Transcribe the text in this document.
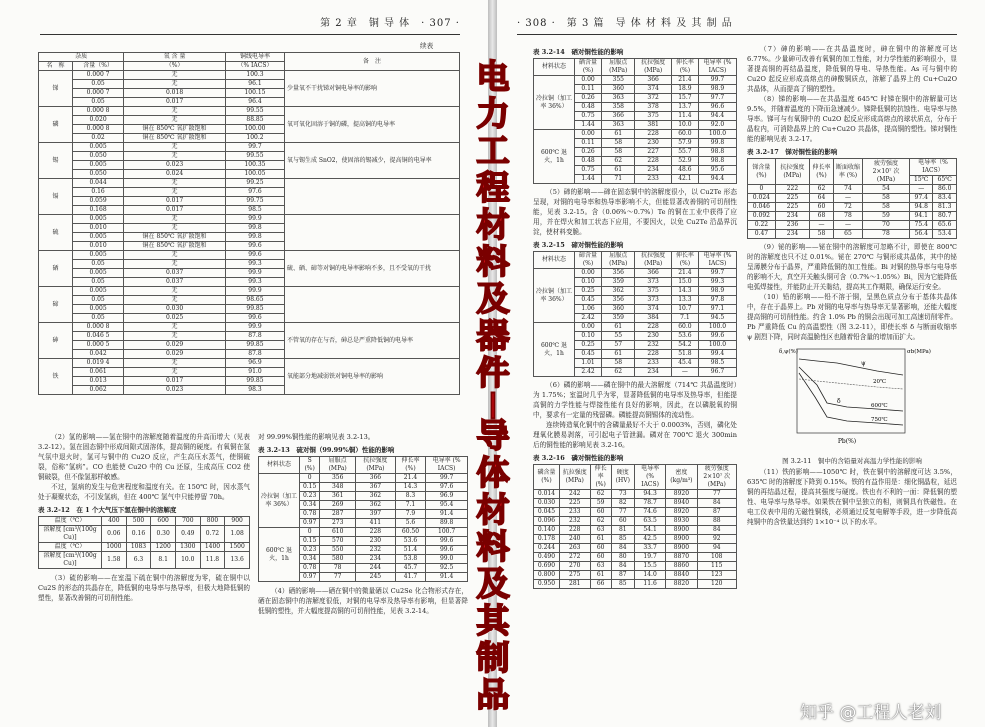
第 2 章　铜 导 体　· 307 ·
续表
杂质		氧 含 量	铜线电导率	备　注
名　称	含量（%）	（%）	（% IACS）	
锑	0.000 7	无	100.3	少量氧不干扰锑对铜电导率的影响
	0.05	无	96.1	
	0.000 7	0.018	100.15	
	0.05	0.017	96.4	
磷	0.000 8	无	99.55	氧可氧化固溶于铜的磷，提高铜的电导率
	0.020	无	88.85	
	0.000 8	铜在 850℃ 氧扩散饱和	100.00	
	0.02	铜在 850℃ 氧扩散饱和	100.2	
锡	0.005	无	99.7	氧与锡生成 SnO2，使固溶的锡减少，提高铜的电导率
	0.050	无	99.55	
	0.005	0.023	100.35	
	0.050	0.024	100.05	
镉	0.044	无	99.25	
	0.16	无	97.6	
	0.059	0.017	99.75	
	0.168	0.017	98.5	
硫	0.005	无	99.9	
	0.010	无	99.8	
	0.005	铜在 850℃ 氧扩散饱和	99.8	
	0.010	铜在 850℃ 氧扩散饱和	99.6	
硒	0.005	无	99.6	硫、硒、碲等对铜的电导率影响不多，且不受氧的干扰
	0.05	无	99.3	
	0.005	0.037	99.9	
	0.05	0.037	99.3	
碲	0.005	无	99.9	
	0.05	无	98.65	
	0.005	0.030	99.85	
	0.05	0.025	99.6	
砷	0.000 8	无	99.9	不管氧的存在与否，砷总是严重降低铜的电导率
	0.046 5	无	87.8	
	0.000 5	0.029	99.85	
	0.042	0.029	87.8	
铁	0.019 4	无	96.9	氧能部分地减弱铁对铜电导率的影响
	0.061	无	91.0	
	0.013	0.017	99.85	
	0.062	0.023	98.3	

（2）氢的影响——氢在铜中的溶解度随着温度的升高而增大（见表 3.2-12）。氢在固态铜中形成间隙式固溶体，提高铜的硬度。有氧铜在氢气氛中退火时，氢可与铜中的 Cu2O 反应，产生高压水蒸气，使铜破裂，俗称“氢病”。CO 也能使 Cu2O 中的 Cu 还原，生成高压 CO2 使铜破裂，但不像氢那样敏感。

不过，氢病的发生与危害程度和温度有关。在 150℃ 时，因水蒸气处于凝聚状态，不引发氢病，但在 400℃ 氢气中只能停留 70h。

表 3.2-12　在 1 个大气压下氢在铜中的溶解度
温度（℃）	400	500	600	700	800	900
溶解度 [cm³/(100g Cu)]	0.06	0.16	0.30	0.49	0.72	1.08
温度（℃）	1000	1083	1200	1300	1400	1500
溶解度 [cm³/(100g Cu)]	1.58	6.3	8.1	10.0	11.8	13.6

（3）硫的影响——在室温下硫在铜中的溶解度为零，硫在铜中以 Cu2S 的形态的共晶存在，降低铜的电导率与热导率，但极大地降低铜的塑性，显著改善铜的可切削性能。

对 99.99%铜性能的影响见表 3.2-13。

表 3.2-13　硫对铜（99.99%铜）性能的影响
材料状态	S (%)	屈服点 (MPa)	抗拉强度 (MPa)	伸长率 (%)	电导率 (% IACS)
冷拉铜（加工率 36%）	0	356	366	21.4	99.7
	0.15	348	367	14.3	97.6
	0.23	361	362	8.3	96.9
	0.34	269	362	7.1	95.4
	0.78	287	397	7.9	91.4
	0.97	273	411	5.6	89.8
600℃ 退火，1h	0	610	228	60.50	100.7
	0.15	570	230	53.6	99.6
	0.23	550	232	51.4	99.6
	0.34	580	234	53.8	99.0
	0.78	78	244	45.7	92.5
	0.97	77	245	41.7	91.4

（4）硒的影响——硒在铜中的微量硒以 Cu2Se 化合物形式存在，硒在固态铜中的溶解度很低，对铜的电导率及热导率有影响，但显著降低铜的塑性，并大幅度提高铜的可切削性能，见表 3.2-14。

· 308 ·　第 3 篇　导 体 材 料 及 其 制 品
表 3.2-14　硒对铜性能的影响
材料状态	硒含量 (%)	屈服点 (MPa)	抗拉强度 (MPa)	伸长率 (%)	电导率 (% IACS)
冷拉铜（加工率 36%）	0.00	355	366	21.4	99.7
	0.11	360	374	18.9	98.9
	0.26	363	372	15.7	97.7
	0.48	358	378	13.7	96.6
	0.75	366	375	11.4	94.4
	1.44	363	381	10.0	92.0
600℃ 退火，1h	0.00	61	228	60.0	100.0
	0.11	58	230	57.9	99.8
	0.26	58	227	55.7	98.8
	0.48	62	228	52.9	98.8
	0.75	61	234	48.6	95.6
	1.44	71	233	42.1	94.4

（5）碲的影响——碲在固态铜中的溶解度很小，以 Cu2Te 形态呈现，对铜的电导率和热导率影响不大，但能显著改善铜的可切削性能，见表 3.2-15。含（0.06%～0.7%）Te 的铜在工业中获得了应用，并在焊火和加工状态下应用，不要因火，以免 Cu2Te 沿晶界沉淀，使材料变脆。

表 3.2-15　碲对铜性能的影响
材料状态	碲含量 (%)	屈服点 (MPa)	抗拉强度 (MPa)	伸长率 (%)	电导率 (% IACS)
冷拉铜（加工率 36%）	0.00	356	366	21.4	99.7
	0.10	359	373	15.0	99.3
	0.25	362	375	14.3	98.9
	0.45	356	373	13.3	97.8
	1.06	360	374	10.7	97.1
	2.42	359	384	7.1	94.5
600℃ 退火，1h	0.00	61	228	60.0	100.0
	0.10	55	230	53.6	99.6
	0.25	57	232	54.2	100.0
	0.45	61	228	51.8	99.4
	1.01	58	233	45.4	98.5
	2.42	62	234	—	96.7

（6）磷的影响——磷在铜中的最大溶解度（714℃ 共晶温度时）为 1.75%；室温时几乎为零，显著降低铜的电导率及热导率，但能提高铜的力学性能与焊接性能有良好的影响，因此，在以磷脱氧的铜中，要求有一定量的残留磷。磷能提高铜锡体的流动性。

连续铸造氧化铜中的含磷量最好不大于 0.0003%，否则，磷化处理氧化膜易剥落，可引起电子管泄漏。磷对在 700℃ 退火 300min 后的铜性能的影响见表 3.2-16。

表 3.2-16　磷对铜性能的影响
磷含量 (%)	抗拉强度 (MPa)	伸长率 (%)	硬度 (HV)	电导率 (% IACS)	密度 (kg/m³)	疲劳强度 2×10⁷ 次 (MPa)
0.014	242	62	73	94.3	8920	77
0.030	225	59	82	78.7	8940	84
0.045	233	60	77	74.6	8920	87
0.096	232	62	60	63.5	8930	88
0.140	228	63	81	54.1	8900	84
0.178	240	61	85	42.5	8900	92
0.244	263	60	84	33.7	8900	94
0.490	272	60	80	19.7	8870	108
0.690	270	63	84	15.5	8860	115
0.800	275	61	87	14.0	8840	123
0.950	281	66	85	11.6	8820	120

（7）砷的影响——在共晶温度时，砷在铜中的溶解度可达 6.77%。少量砷可改善有氧铜的加工性能，对力学性能的影响很小，显著提高铜的再结晶温度，降低铜的导电、导热性能。As 可与铜中的 Cu2O 起反应形成高熔点的砷酸铜质点，溶解了晶界上的 Cu+Cu2O 共晶体，从而提高了铜的塑性。

（8）锑的影响——在共晶温度 645℃ 时锑在铜中的溶解量可达 9.5%，并随着温度的下降而急速减少。锑降低铜的抗蚀性、电导率与热导率。锑可与有氧铜中的 Cu2O 起反应形成高熔点的球状质点，分布于晶粒内，可消除晶界上的 Cu+Cu2O 共晶体，提高铜的塑性。锑对铜性能的影响见表 3.2-17。

表 3.2-17　锑对铜性能的影响
锑含量 (%)	抗拉强度 (MPa)	伸长率 (%)	断面收缩率 (%)	疲劳强度 2×10⁷ 次 (MPa)	电导率（% IACS）	
					15℃	65℃
0	222	62	74	54	—	86.0
0.024	225	64	—	58	97.4	83.4
0.046	225	60	72	58	94.8	81.3
0.092	234	68	78	59	94.1	80.7
0.22	236	—	—	70	75.4	65.6
0.47	234	58	65	78	56.4	53.4

（9）铋的影响——铋在铜中的溶解度可忽略不计，即使在 800℃ 时的溶解度也只不过 0.01%。铋在 270℃ 与铜形成共晶体，其中的铋呈薄膜分布于晶界，严重降低铜的加工性能。Bi 对铜的热导率与电导率的影响不大，真空开关触头铜可含（0.7%～1.05%）Bi，因为它能降低电弧焊接性，并能防止开关黏结，提高其工作期限，确保运行安全。

（10）铅的影响——铅不溶于铜，呈黑色质点分布于基体共晶体中，存在于晶界上。Pb 对铜的电导率与热导率无显著影响，还能大幅度提高铜的可切削性能。约含 1.0% Pb 的铜会出现可加工高速切削零件。Pb 严重降低 Cu 的高温塑性（图 3.2-11），即使长率 δ 与断面收缩率 ψ 剧烈下降，同时高温脆性区也随着铅含量的增加而扩大。

ψ
δ
20℃
600℃
750℃
Pb(%)
δ,ψ(%)	σb(MPa)
图 3.2-11　铜中的含铅量对高温力学性能的影响

（11）铁的影响——1050℃ 时，铁在铜中的溶解度可达 3.5%，635℃ 时的溶解度下降到 0.15%。铁的有益作用是：细化铜晶粒，延迟铜的再结晶过程，提高其强度与硬度。铁也有不利的一面：降低铜的塑性、电导率与热导率。如果铁在铜中呈独立的相，则铜具有铁磁性。在电工仪表中用的无磁性铜线，必须通过反复电解等手段，进一步降低高纯铜中的含铁量达到约 1×10⁻⁴ 以下的水平。

电
力
工
程
材
料
及
器
件
|
导
体
材
料
及
其
制
品	知乎 @工程人老刘
